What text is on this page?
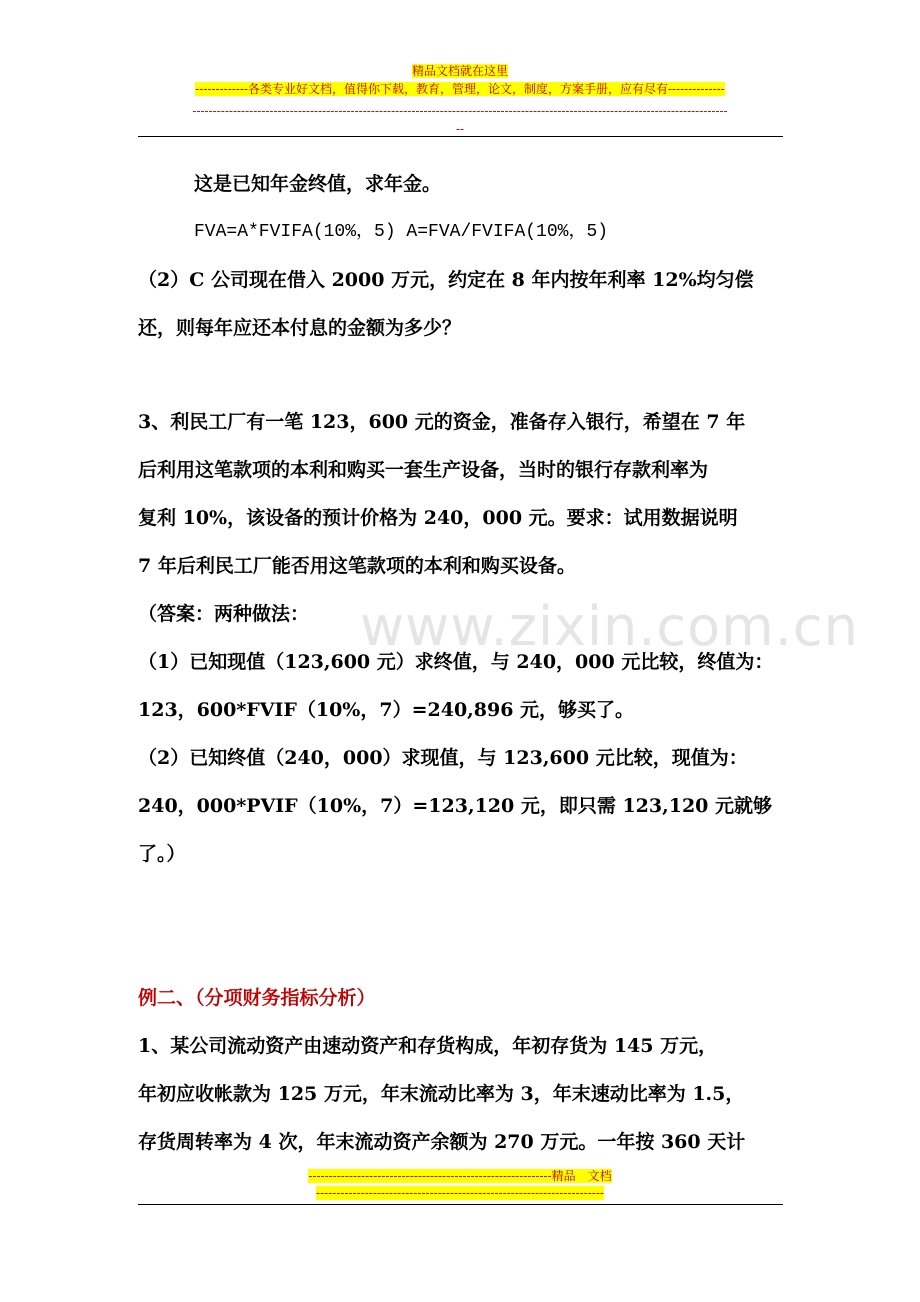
精品文档就在这里
-------------各类专业好文档，值得你下载，教育，管理，论文，制度，方案手册，应有尽有--------------
------------------------------------------------------------------------------------------------------------------------------------
--
www.zixin.com.cn

这是已知年金终值，求年金。

FVA=A*FVIFA(10%，5) A=FVA/FVIFA(10%，5)

（2）C 公司现在借入 2000 万元，约定在 8 年内按年利率 12%均匀偿

还，则每年应还本付息的金额为多少？

3、利民工厂有一笔 123，600 元的资金，准备存入银行，希望在 7 年

后利用这笔款项的本利和购买一套生产设备，当时的银行存款利率为

复利 10%，该设备的预计价格为 240，000 元。要求：试用数据说明

7 年后利民工厂能否用这笔款项的本利和购买设备。

（答案：两种做法：

（1）已知现值（123,600 元）求终值，与 240，000 元比较，终值为：

123，600*FVIF（10%，7）=240,896 元，够买了。

（2）已知终值（240，000）求现值，与 123,600 元比较，现值为：

240，000*PVIF（10%，7）=123,120 元，即只需 123,120 元就够

了。）

例二、（分项财务指标分析）

1、某公司流动资产由速动资产和存货构成，年初存货为 145 万元，

年初应收帐款为 125 万元，年末流动比率为 3，年末速动比率为 1.5，

存货周转率为 4 次，年末流动资产余额为 270 万元。一年按 360 天计

------------------------------------------------------------精品　文档
-----------------------------------------------------------------------
